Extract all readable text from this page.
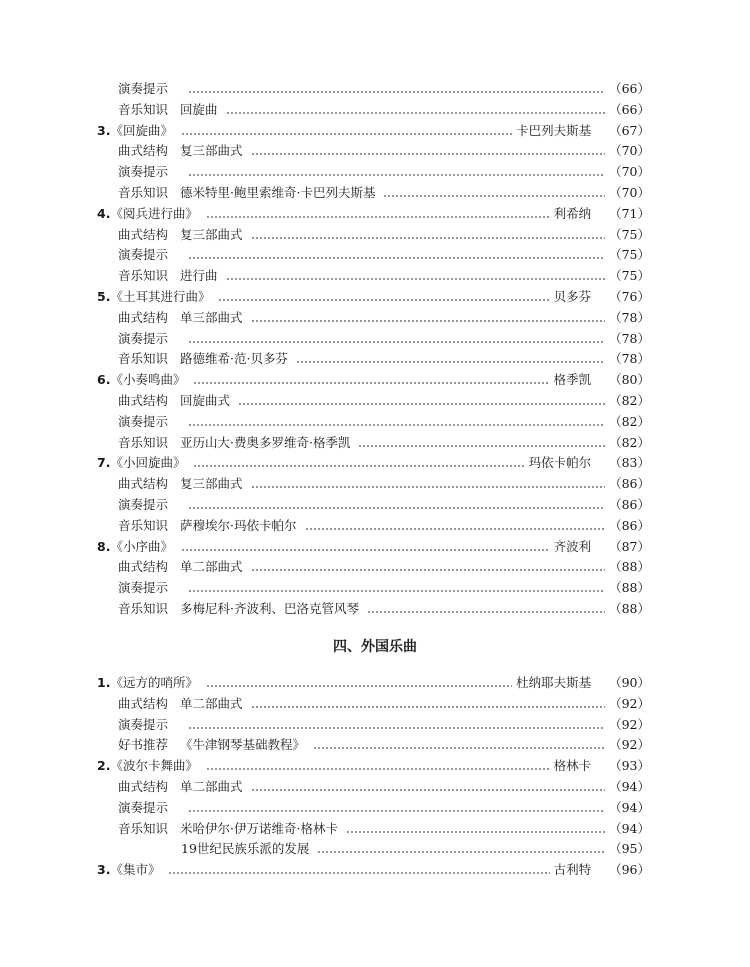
演奏提示	（66）
音乐知识 回旋曲	（66）
3. 《回旋曲》	卡巴列夫斯基 （67）
曲式结构 复三部曲式	（70）
演奏提示	（70）
音乐知识 德米特里·鲍里索维奇·卡巴列夫斯基	（70）
4. 《阅兵进行曲》	利希纳 （71）
曲式结构 复三部曲式	（75）
演奏提示	（75）
音乐知识 进行曲	（75）
5. 《土耳其进行曲》	贝多芬 （76）
曲式结构 单三部曲式	（78）
演奏提示	（78）
音乐知识 路德维希·范·贝多芬	（78）
6. 《小奏鸣曲》	格季凯 （80）
曲式结构 回旋曲式	（82）
演奏提示	（82）
音乐知识 亚历山大·费奥多罗维奇·格季凯	（82）
7. 《小回旋曲》	玛依卡帕尔 （83）
曲式结构 复三部曲式	（86）
演奏提示	（86）
音乐知识 萨穆埃尔·玛依卡帕尔	（86）
8. 《小序曲》	齐波利 （87）
曲式结构 单二部曲式	（88）
演奏提示	（88）
音乐知识 多梅尼科·齐波利、巴洛克管风琴	（88）
四、外国乐曲
1. 《远方的哨所》	杜纳耶夫斯基 （90）
曲式结构 单二部曲式	（92）
演奏提示	（92）
好书推荐 《牛津钢琴基础教程》	（92）
2. 《波尔卡舞曲》	格林卡 （93）
曲式结构 单二部曲式	（94）
演奏提示	（94）
音乐知识 米哈伊尔·伊万诺维奇·格林卡	（94）
19世纪民族乐派的发展	（95）
3. 《集市》	古利特 （96）
